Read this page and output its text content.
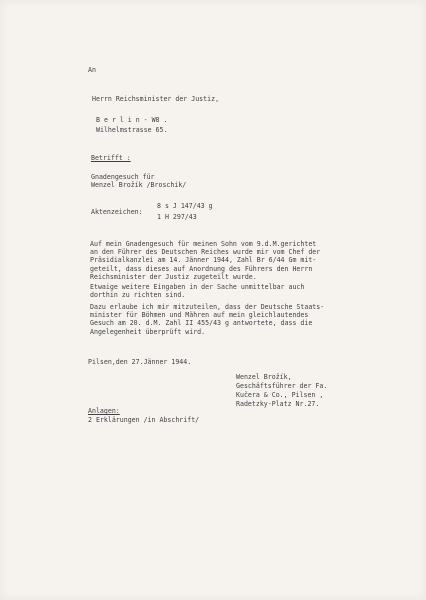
An
Herrn Reichsminister der Justiz,
B e r l i n - W8 .
Wilhelmstrasse 65.
Betrifft :
Gnadengesuch für
Wenzel Brožík /Broschik/
Aktenzeichen:
8 s J 147/43 g
1 H 297/43
Auf mein Gnadengesuch für meinen Sohn vom 9.d.M.gerichtet
an den Führer des Deutschen Reiches wurde mir vom Chef der
Präsidialkanzlei am 14. Jänner 1944, Zahl Br 6/44 Gm mit-
geteilt, dass dieses auf Anordnung des Führers den Herrn
Reichsminister der Justiz zugeteilt wurde.
Etwaige weitere Eingaben in der Sache unmittelbar auch
dorthin zu richten sind.
Dazu erlaube ich mir mitzuteilen, dass der Deutsche Staats-
minister für Böhmen und Mähren auf mein gleichlautendes
Gesuch am 20. d.M. Zahl II 455/43 g antwortete, dass die
Angelegenheit überprüft wird.
Pilsen,den 27.Jänner 1944.
Wenzel Brožík,
Geschäftsführer der Fa.
Kučera & Co., Pilsen ,
Radetzky-Platz Nr.27.
Anlagen:
2 Erklärungen /in Abschrift/
